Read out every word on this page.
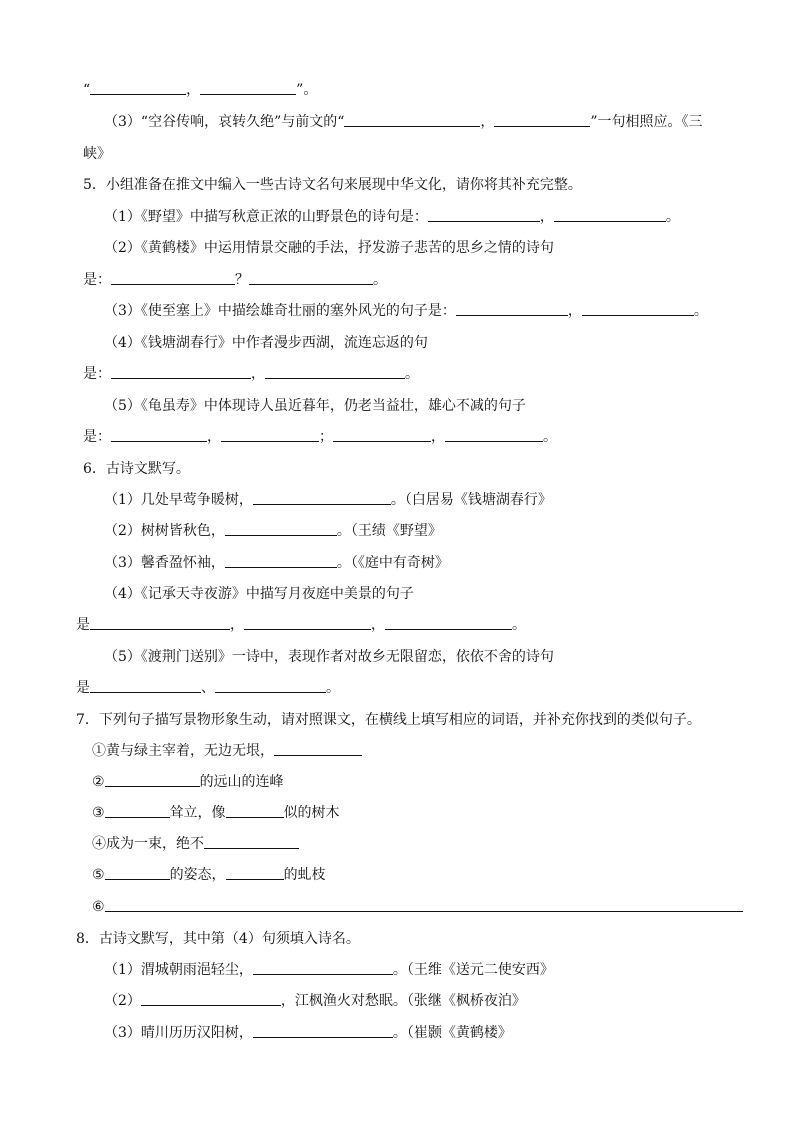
“	，	”。
（3）“空谷传响，哀转久绝”与前文的“	，	”一句相照应。《三
峡》
5．小组准备在推文中编入一些古诗文名句来展现中华文化，请你将其补充完整。
（1）《野望》中描写秋意正浓的山野景色的诗句是：	，	。
（2）《黄鹤楼》中运用情景交融的手法，抒发游子悲苦的思乡之情的诗句
是：	？	。
（3）《使至塞上》中描绘雄奇壮丽的塞外风光的句子是：	，	。
（4）《钱塘湖春行》中作者漫步西湖，流连忘返的句
是：	，	。
（5）《龟虽寿》中体现诗人虽近暮年，仍老当益壮，雄心不减的句子
是：	，	；	，	。
6．古诗文默写。
（1）几处早莺争暖树，	。（白居易《钱塘湖春行》
（2）树树皆秋色，	。（王绩《野望》
（3）馨香盈怀袖，	。（《庭中有奇树》
（4）《记承天寺夜游》中描写月夜庭中美景的句子
是	，	，	。
（5）《渡荆门送别》一诗中，表现作者对故乡无限留恋，依依不舍的诗句
是	、	。
7．下列句子描写景物形象生动，请对照课文，在横线上填写相应的词语，并补充你找到的类似句子。
①黄与绿主宰着，无边无垠，
②	的远山的连峰
③	耸立，像	似的树木
④成为一束，绝不
⑤	的姿态，	的虬枝
⑥
8．古诗文默写，其中第（4）句须填入诗名。
（1）渭城朝雨浥轻尘，	。（王维《送元二使安西》
（2）	，江枫渔火对愁眠。（张继《枫桥夜泊》
（3）晴川历历汉阳树，	。（崔颢《黄鹤楼》
